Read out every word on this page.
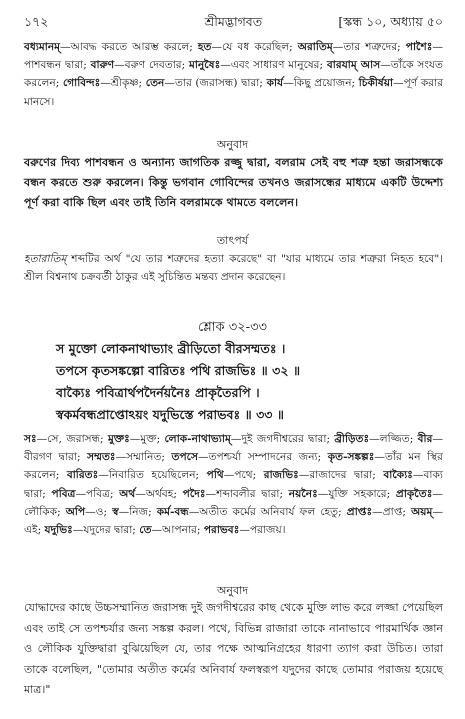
১৭২	শ্রীমদ্ভাগবত	[স্কন্ধ ১০, অধ্যায় ৫০
বধ্যমানম্—আবদ্ধ করতে আরম্ভ করলে; হত—যে বধ করেছিল; অরাতিম্—তার শত্রুদের; পাশৈঃ—পাশবন্ধন দ্বারা; বারুণ—বরুণ দেবতার; মানুষৈঃ—এবং সাধারণ মানুষের; বারযাম্ আস—তাঁকে সংযত করলেন; গোবিন্দঃ—শ্রীকৃষ্ণ; তেন—তার (জরাসন্ধ) দ্বারা; কার্য—কিছু প্রয়োজন; চিকীর্ষয়া—পূর্ণ করার মানসে।
অনুবাদ
বরুণের দিব্য পাশবন্ধন ও অন্যান্য জাগতিক রজ্জু দ্বারা, বলরাম সেই বহু শত্রু হন্তা জরাসন্ধকে বন্ধন করতে শুরু করলেন। কিন্তু ভগবান গোবিন্দের তখনও জরাসন্ধের মাধ্যমে একটি উদ্দেশ্য পূর্ণ করা বাকি ছিল এবং তাই তিনি বলরামকে থামতে বললেন।
তাৎপর্য
হতারাতিম্ শব্দটির অর্থ "যে তার শত্রুদের হত্যা করেছে" বা "যার মাধ্যমে তার শত্রুরা নিহত হবে"। শ্রীল বিশ্বনাথ চক্রবর্তী ঠাকুর এই সুচিন্তিত মন্তব্য প্রদান করেছেন।
শ্লোক ৩২-৩৩
স মুক্তো লোকনাথাভ্যাং ব্রীড়িতো বীরসম্মতঃ ।
তপসে কৃতসঙ্কল্পো বারিতঃ পথি রাজভিঃ ॥ ৩২ ॥
বাক্যৈঃ পবিত্রার্থপদৈর্নয়নৈঃ প্রাকৃতৈরপি ।
স্বকর্মবন্ধপ্রাপ্তোঽয়ং যদুভিস্তে পরাভবঃ ॥ ৩৩ ॥
সঃ—সে, জরাসন্ধ; মুক্তঃ—মুক্ত; লোক-নাথাভ্যাম্—দুই জগদীশ্বরের দ্বারা; ব্রীড়িতঃ—লজ্জিত; বীর—বীরগণ দ্বারা; সম্মতঃ—সম্মানিত; তপসে—তপশ্চর্যা সম্পাদনের জন্য; কৃত-সঙ্কল্পঃ—তাঁর মন স্থির করলেন; বারিতঃ—নিবারিত হয়েছিলেন; পথি—পথে; রাজভিঃ—রাজাদের দ্বারা; বাক্যৈঃ—বাক্য দ্বারা; পবিত্র—পবিত্র; অর্থ—অর্থবহ; পদৈঃ—শব্দাবলীর দ্বারা; নয়নৈঃ—যুক্তি সহকারে; প্রাকৃতৈঃ—লৌকিক; অপি—ও; স্ব—নিজ; কর্ম-বন্ধ—অতীত কর্মের অনিবার্য ফল হেতু; প্রাপ্তঃ—প্রাপ্ত; অয়ম্—এই; যদুভিঃ—যদুদের দ্বারা; তে—আপনার; পরাভবঃ—পরাজয়।
অনুবাদ
যোদ্ধাদের কাছে উচ্চসম্মানিত জরাসন্ধ দুই জগদীশ্বরের কাছ থেকে মুক্তি লাভ করে লজ্জা পেয়েছিল এবং তাই সে তপশ্চর্যার জন্য সঙ্কল্প করল। পথে, বিভিন্ন রাজারা তাকে নানাভাবে পারমার্থিক জ্ঞান ও লৌকিক যুক্তিদ্বারা বুঝিয়েছিল যে, তার পক্ষে আত্মনিগ্রহের ধারণা ত্যাগ করা উচিত। তারা তাকে বলেছিল, "তোমার অতীত কর্মের অনিবার্য ফলস্বরূপ যদুদের কাছে তোমার পরাজয় হয়েছে মাত্র।"
